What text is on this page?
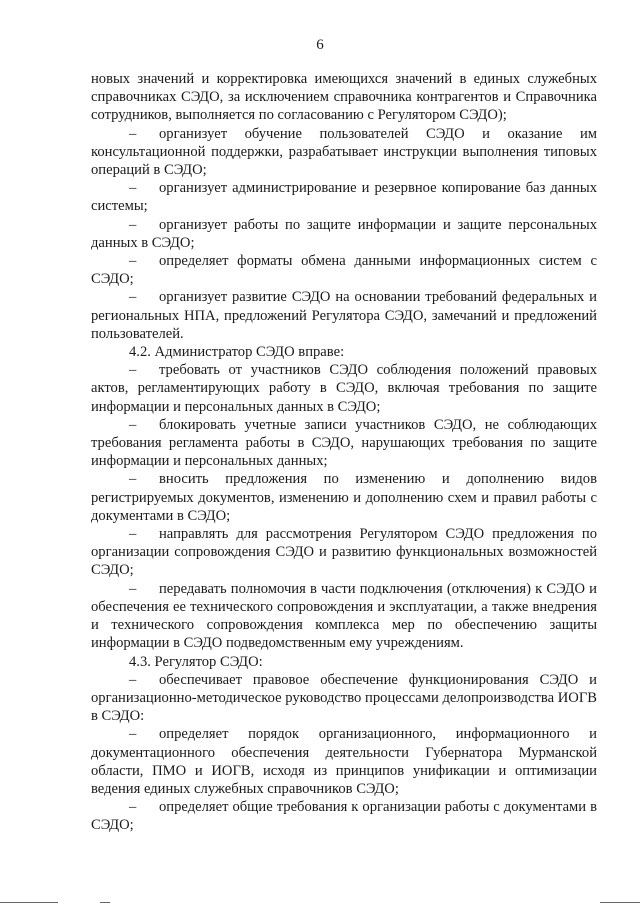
6

новых значений и корректировка имеющихся значений в единых служебных справочниках СЭДО, за исключением справочника контрагентов и Справочника сотрудников, выполняется по согласованию с Регулятором СЭДО);

– организует обучение пользователей СЭДО и оказание им консультационной поддержки, разрабатывает инструкции выполнения типовых операций в СЭДО;

– организует администрирование и резервное копирование баз данных системы;

– организует работы по защите информации и защите персональных данных в СЭДО;

– определяет форматы обмена данными информационных систем с СЭДО;

– организует развитие СЭДО на основании требований федеральных и региональных НПА, предложений Регулятора СЭДО, замечаний и предложений пользователей.

4.2. Администратор СЭДО вправе:

– требовать от участников СЭДО соблюдения положений правовых актов, регламентирующих работу в СЭДО, включая требования по защите информации и персональных данных в СЭДО;

– блокировать учетные записи участников СЭДО, не соблюдающих требования регламента работы в СЭДО, нарушающих требования по защите информации и персональных данных;

– вносить предложения по изменению и дополнению видов регистрируемых документов, изменению и дополнению схем и правил работы с документами в СЭДО;

– направлять для рассмотрения Регулятором СЭДО предложения по организации сопровождения СЭДО и развитию функциональных возможностей СЭДО;

– передавать полномочия в части подключения (отключения) к СЭДО и обеспечения ее технического сопровождения и эксплуатации, а также внедрения и технического сопровождения комплекса мер по обеспечению защиты информации в СЭДО подведомственным ему учреждениям.

4.3. Регулятор СЭДО:

– обеспечивает правовое обеспечение функционирования СЭДО и организационно-методическое руководство процессами делопроизводства ИОГВ в СЭДО:

– определяет порядок организационного, информационного и документационного обеспечения деятельности Губернатора Мурманской области, ПМО и ИОГВ, исходя из принципов унификации и оптимизации ведения единых служебных справочников СЭДО;

– определяет общие требования к организации работы с документами в СЭДО;
